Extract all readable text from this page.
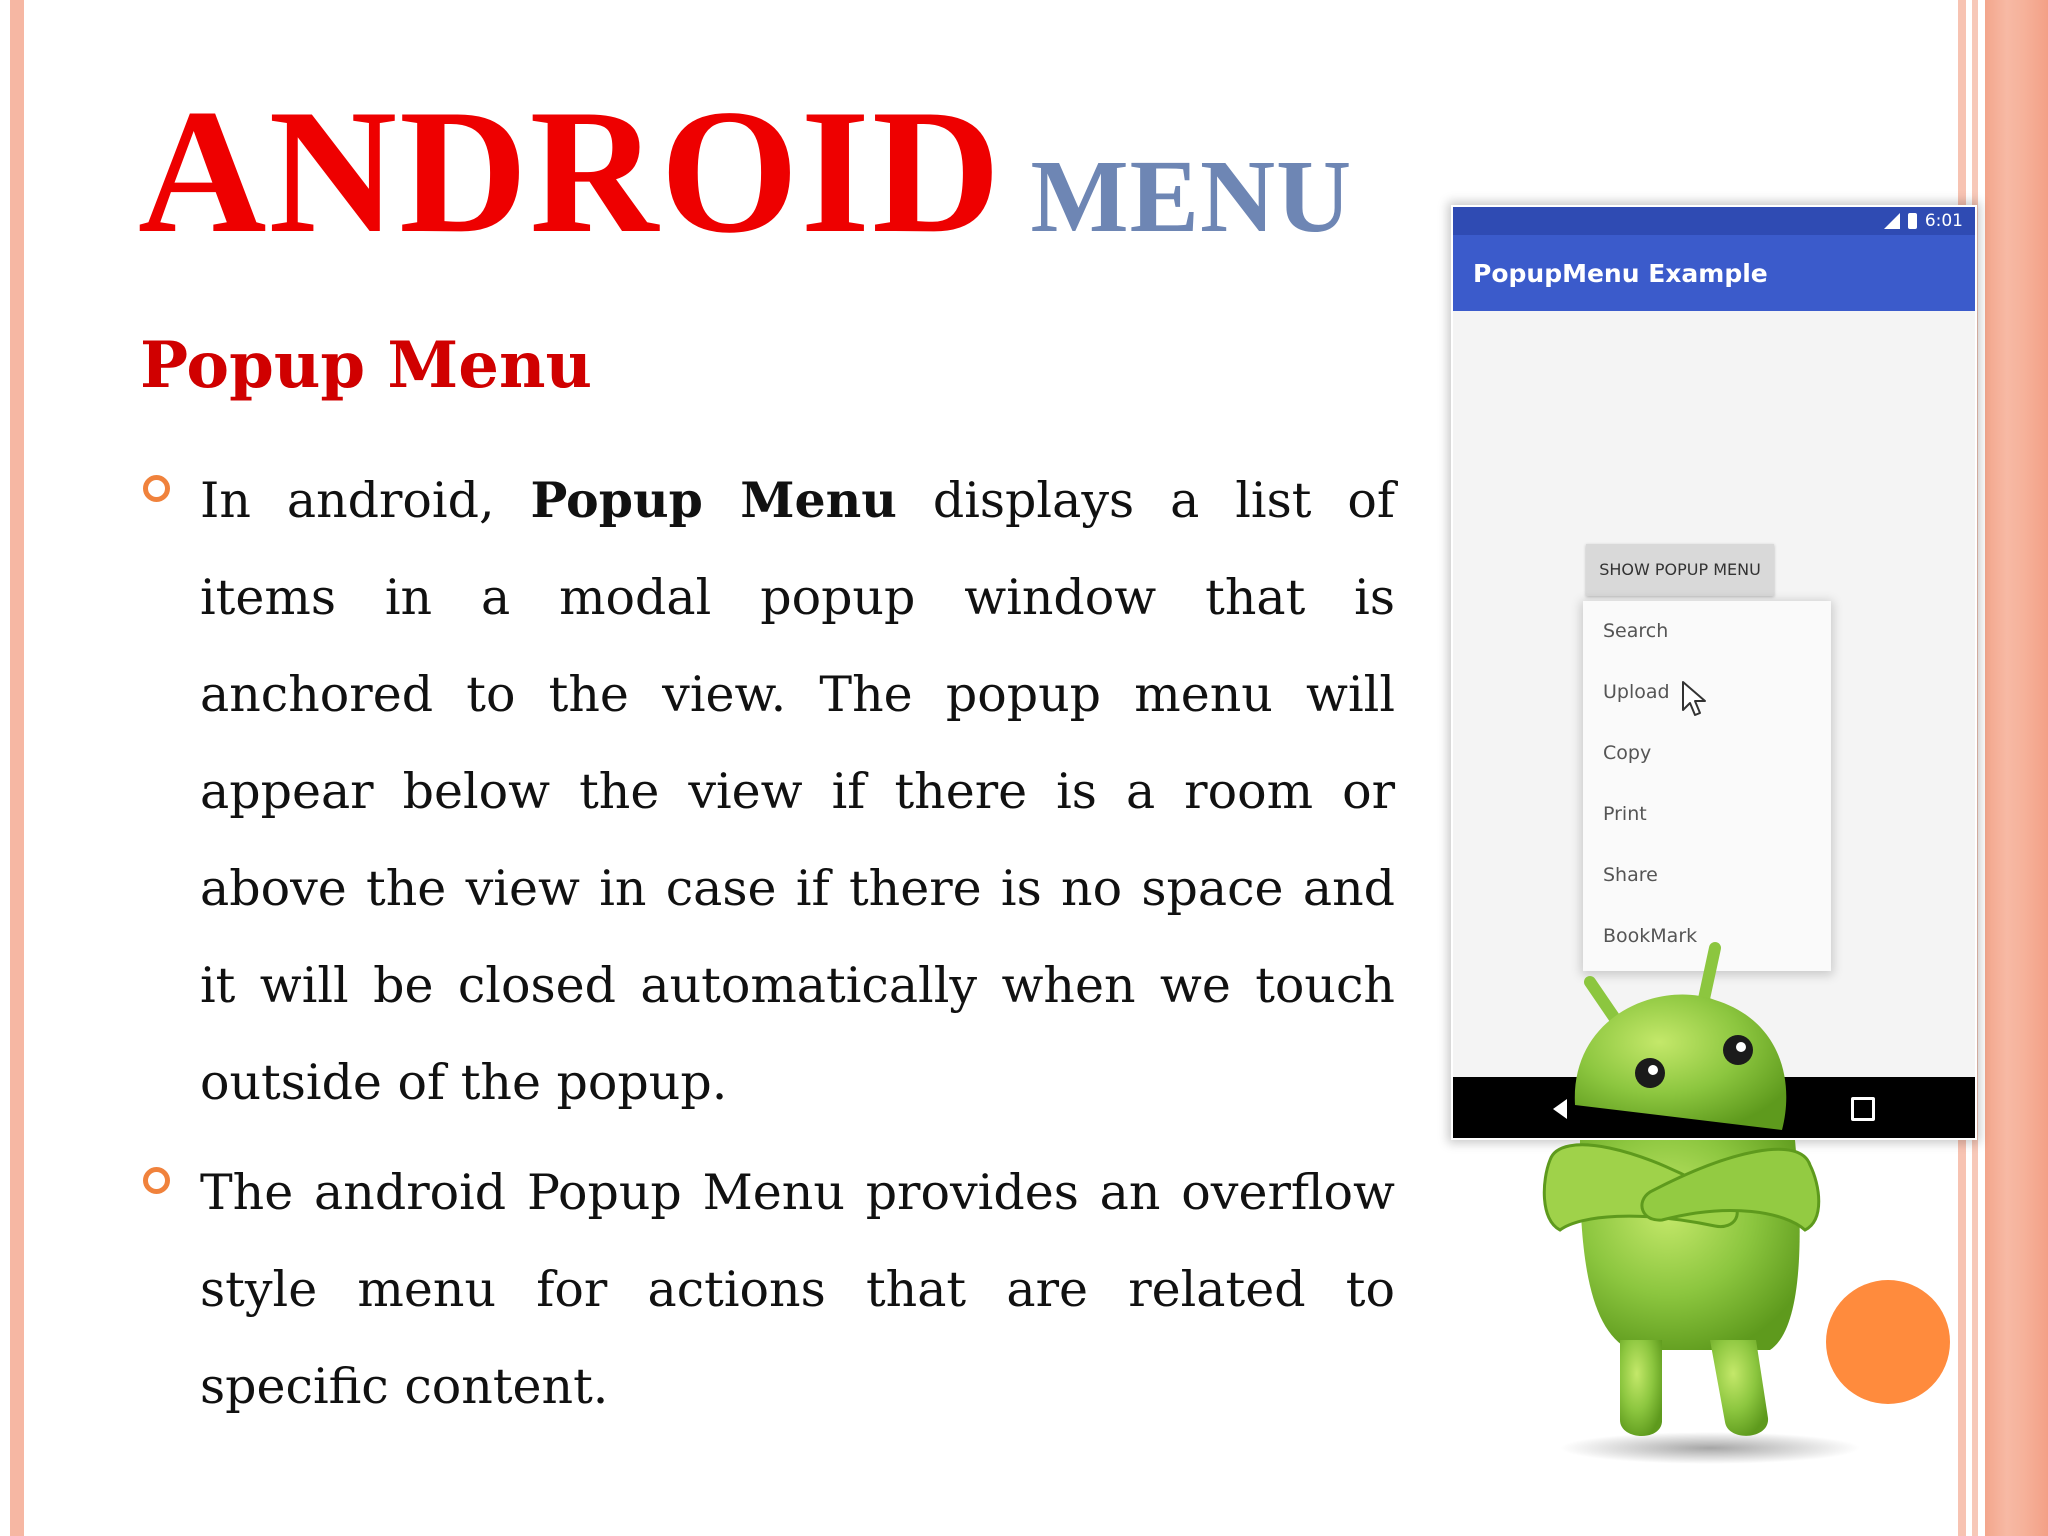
ANDROID MENU
Popup Menu

In android, Popup Menu displays a list of items in a modal popup window that is anchored to the view. The popup menu will appear below the view if there is a room or above the view in case if there is no space and it will be closed automatically when we touch outside of the popup.

The android Popup Menu provides an overflow style menu for actions that are related to specific content.

6:01
PopupMenu Example
SHOW POPUP MENU
Search
Upload
Copy
Print
Share
BookMark
